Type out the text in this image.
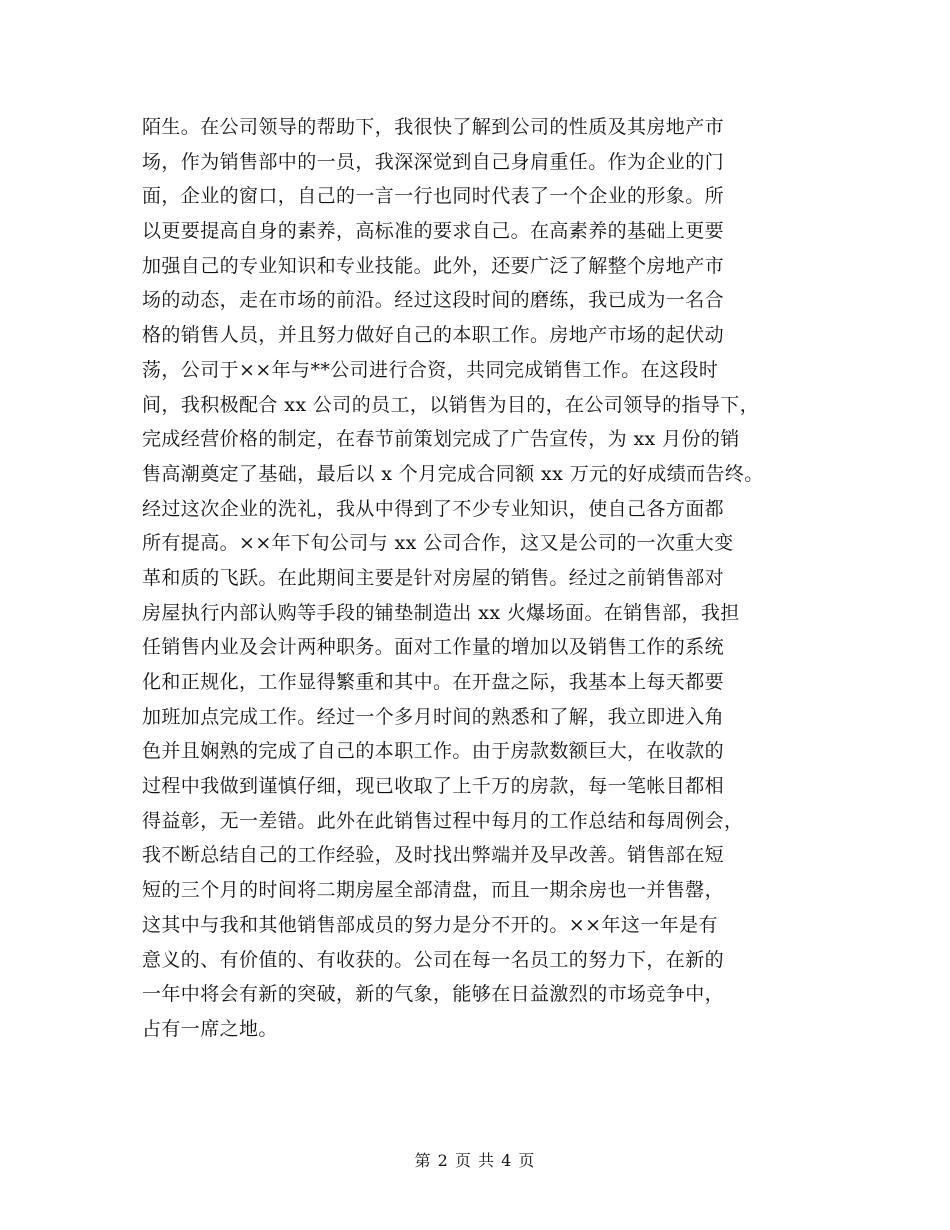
陌生。在公司领导的帮助下，我很快了解到公司的性质及其房地产市
场，作为销售部中的一员，我深深觉到自己身肩重任。作为企业的门
面，企业的窗口，自己的一言一行也同时代表了一个企业的形象。所
以更要提高自身的素养，高标准的要求自己。在高素养的基础上更要
加强自己的专业知识和专业技能。此外，还要广泛了解整个房地产市
场的动态，走在市场的前沿。经过这段时间的磨练，我已成为一名合
格的销售人员，并且努力做好自己的本职工作。房地产市场的起伏动
荡，公司于××年与**公司进行合资，共同完成销售工作。在这段时
间，我积极配合 xx 公司的员工，以销售为目的，在公司领导的指导下，
完成经营价格的制定，在春节前策划完成了广告宣传，为 xx 月份的销
售高潮奠定了基础，最后以 x 个月完成合同额 xx 万元的好成绩而告终。
经过这次企业的洗礼，我从中得到了不少专业知识，使自己各方面都
所有提高。××年下旬公司与 xx 公司合作，这又是公司的一次重大变
革和质的飞跃。在此期间主要是针对房屋的销售。经过之前销售部对
房屋执行内部认购等手段的铺垫制造出 xx 火爆场面。在销售部，我担
任销售内业及会计两种职务。面对工作量的增加以及销售工作的系统
化和正规化，工作显得繁重和其中。在开盘之际，我基本上每天都要
加班加点完成工作。经过一个多月时间的熟悉和了解，我立即进入角
色并且娴熟的完成了自己的本职工作。由于房款数额巨大，在收款的
过程中我做到谨慎仔细，现已收取了上千万的房款，每一笔帐目都相
得益彰，无一差错。此外在此销售过程中每月的工作总结和每周例会，
我不断总结自己的工作经验，及时找出弊端并及早改善。销售部在短
短的三个月的时间将二期房屋全部清盘，而且一期余房也一并售罄，
这其中与我和其他销售部成员的努力是分不开的。××年这一年是有
意义的、有价值的、有收获的。公司在每一名员工的努力下，在新的
一年中将会有新的突破，新的气象，能够在日益激烈的市场竞争中，
占有一席之地。
第 2 页 共 4 页
